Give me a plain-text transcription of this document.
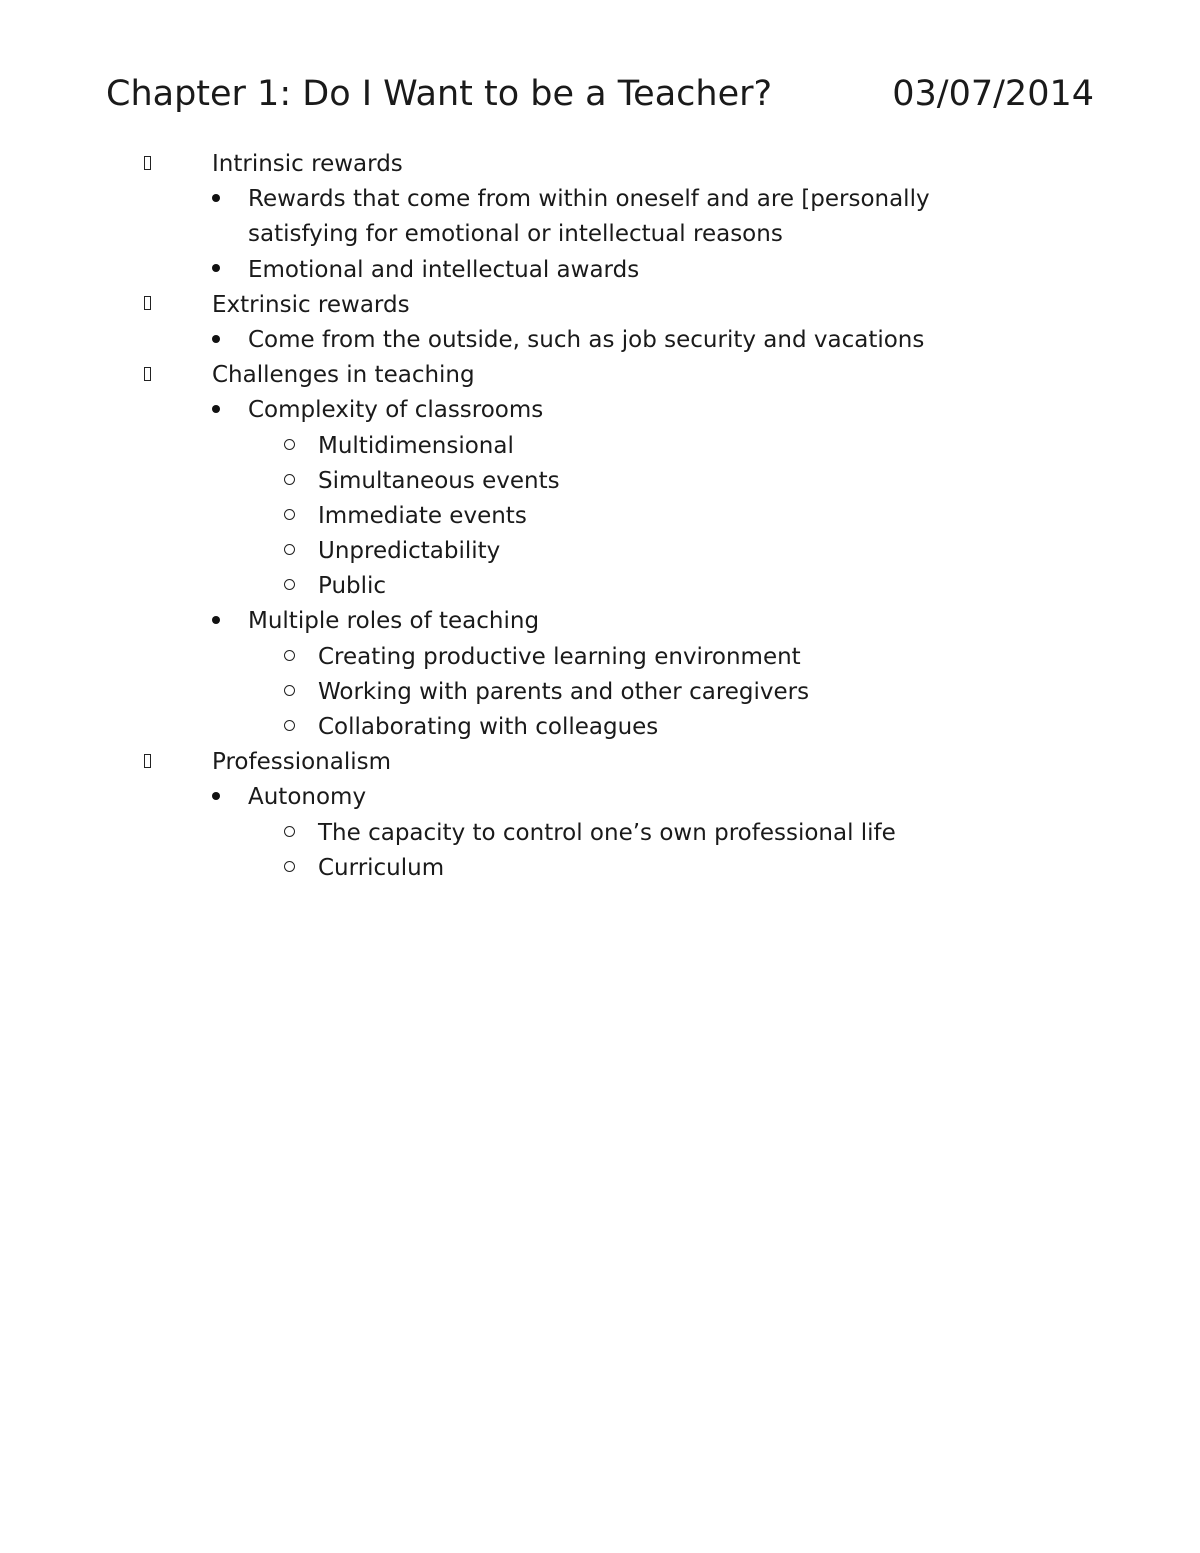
Chapter 1: Do I Want to be a Teacher?	03/07/2014
Intrinsic rewards
Rewards that come from within oneself and are [personally satisfying for emotional or intellectual reasons
Emotional and intellectual awards
Extrinsic rewards
Come from the outside, such as job security and vacations
Challenges in teaching
Complexity of classrooms
Multidimensional
Simultaneous events
Immediate events
Unpredictability
Public
Multiple roles of teaching
Creating productive learning environment
Working with parents and other caregivers
Collaborating with colleagues
Professionalism
Autonomy
The capacity to control one’s own professional life
Curriculum
